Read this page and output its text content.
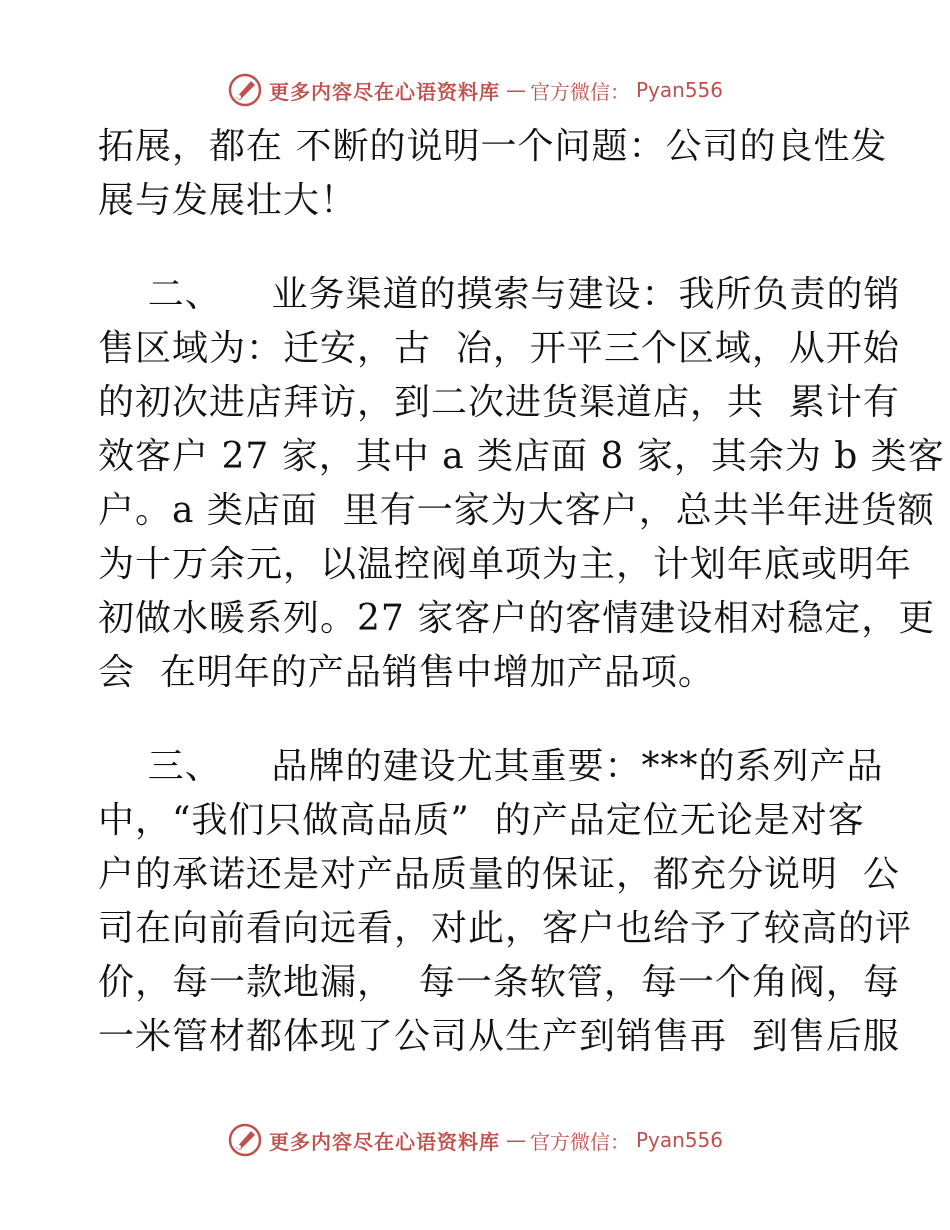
更多内容尽在心语资料库 — 官方微信： Pyan556
拓展，都在 不断的说明一个问题：公司的良性发
展与发展壮大！
二、    业务渠道的摸索与建设：我所负责的销
售区域为：迁安，古  冶，开平三个区域，从开始
的初次进店拜访，到二次进货渠道店，共  累计有
效客户 27 家，其中 a 类店面 8 家，其余为 b 类客
户。a 类店面  里有一家为大客户，总共半年进货额
为十万余元，以温控阀单项为主，计划年底或明年
初做水暖系列。27 家客户的客情建设相对稳定，更
会  在明年的产品销售中增加产品项。
三、    品牌的建设尤其重要：***的系列产品
中，“我们只做高品质”  的产品定位无论是对客
户的承诺还是对产品质量的保证，都充分说明  公
司在向前看向远看，对此，客户也给予了较高的评
价，每一款地漏，  每一条软管，每一个角阀，每
一米管材都体现了公司从生产到销售再  到售后服
更多内容尽在心语资料库 — 官方微信： Pyan556
